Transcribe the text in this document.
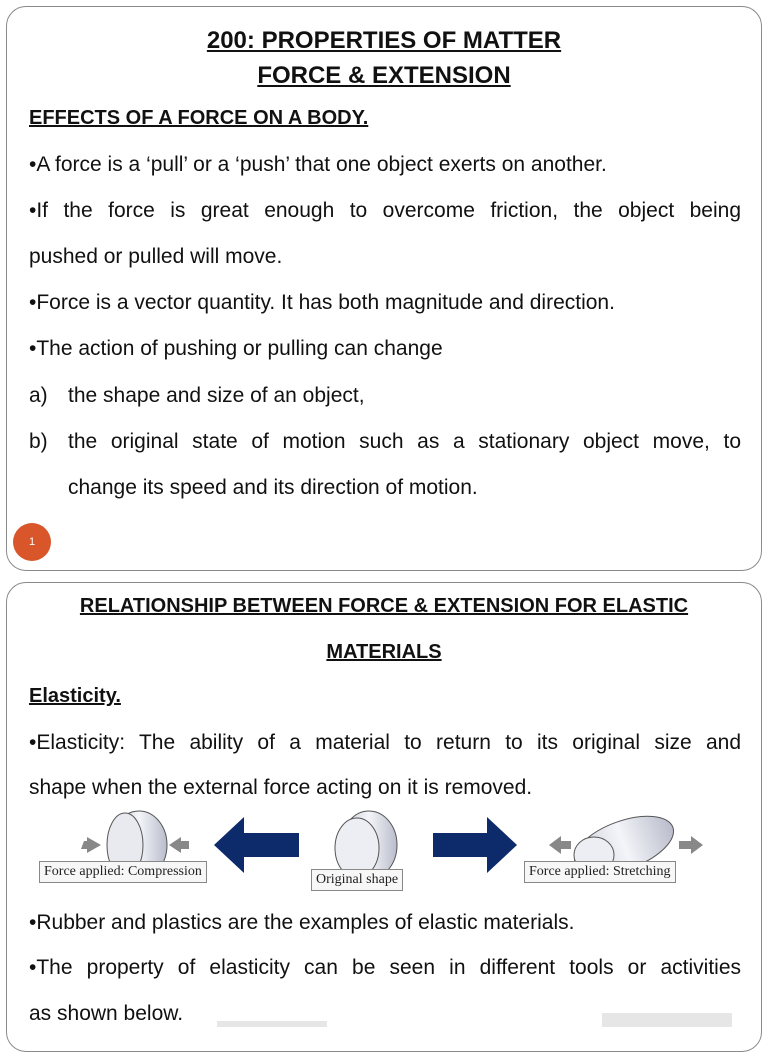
200: PROPERTIES OF MATTER
FORCE & EXTENSION
EFFECTS OF A FORCE ON A BODY.
•A force is a ‘pull’ or a ‘push’ that one object exerts on another.
•If the force is great enough to overcome friction, the object being
pushed or pulled will move.
•Force is a vector quantity. It has both magnitude and direction.
•The action of pushing or pulling can change
a) the shape and size of an object,
b) the original state of motion such as a stationary object move, to
change its speed and its direction of motion.
1
RELATIONSHIP BETWEEN FORCE & EXTENSION FOR ELASTIC
MATERIALS
Elasticity.
•Elasticity: The ability of a material to return to its original size and
shape when the external force acting on it is removed.
Force applied: Compression
Original shape
Force applied: Stretching
•Rubber and plastics are the examples of elastic materials.
•The property of elasticity can be seen in different tools or activities
as shown below.
